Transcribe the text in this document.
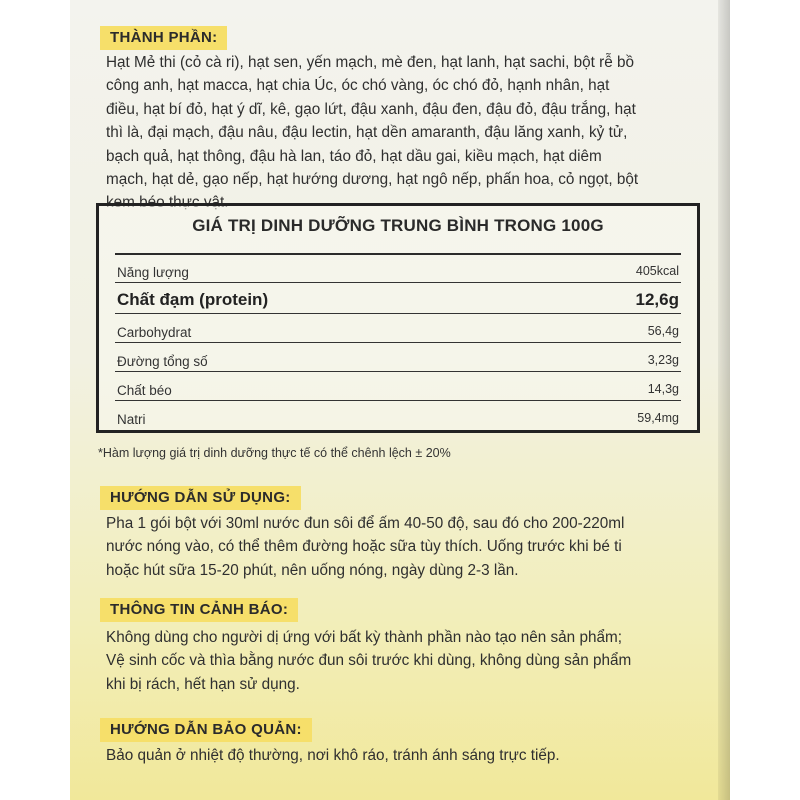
THÀNH PHẦN:
Hạt Mẻ thi (cỏ cà ri), hạt sen, yến mạch, mè đen, hạt lanh, hạt sachi, bột rễ bồ
công anh, hạt macca, hạt chia Úc, óc chó vàng, óc chó đỏ, hạnh nhân, hạt
điều, hạt bí đỏ, hạt ý dĩ, kê, gạo lứt, đậu xanh, đậu đen, đậu đỏ, đậu trắng, hạt
thì là, đại mạch, đậu nâu, đậu lectin, hạt dền amaranth, đậu lăng xanh, kỷ tử,
bạch quả, hạt thông, đậu hà lan, táo đỏ, hạt dầu gai, kiều mạch, hạt diêm
mạch, hạt dẻ, gạo nếp, hạt hướng dương, hạt ngô nếp, phấn hoa, cỏ ngọt, bột
GIÁ TRỊ DINH DƯỠNG TRUNG BÌNH TRONG 100G
Năng lượng	405kcal
Chất đạm (protein)	12,6g
Carbohydrat	56,4g
Đường tổng số	3,23g
Chất béo	14,3g
Natri	59,4mg
*Hàm lượng giá trị dinh dưỡng thực tế có thể chênh lệch ± 20%
HƯỚNG DẪN SỬ DỤNG:
Pha 1 gói bột với 30ml nước đun sôi để ấm 40-50 độ, sau đó cho 200-220ml
nước nóng vào, có thể thêm đường hoặc sữa tùy thích. Uống trước khi bé ti
hoặc hút sữa 15-20 phút, nên uống nóng, ngày dùng 2-3 lần.
THÔNG TIN CẢNH BÁO:
Không dùng cho người dị ứng với bất kỳ thành phần nào tạo nên sản phẩm;
Vệ sinh cốc và thìa bằng nước đun sôi trước khi dùng, không dùng sản phẩm
khi bị rách, hết hạn sử dụng.
HƯỚNG DẪN BẢO QUẢN:
Bảo quản ở nhiệt độ thường, nơi khô ráo, tránh ánh sáng trực tiếp.
